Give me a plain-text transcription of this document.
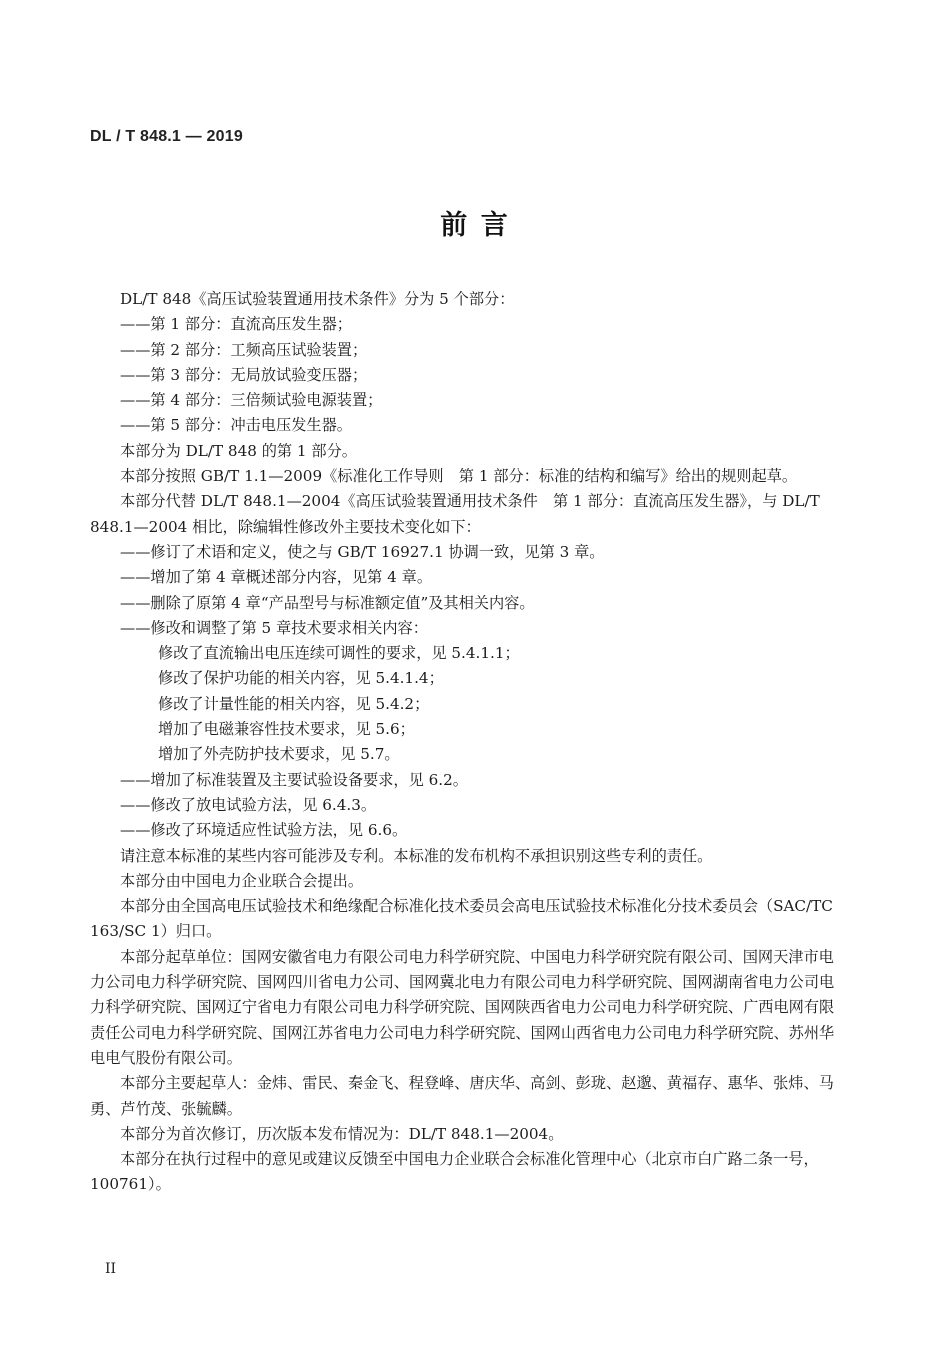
DL / T 848.1 — 2019
前 言

DL/T 848《高压试验装置通用技术条件》分为 5 个部分：

——第 1 部分：直流高压发生器；

——第 2 部分：工频高压试验装置；

——第 3 部分：无局放试验变压器；

——第 4 部分：三倍频试验电源装置；

——第 5 部分：冲击电压发生器。

本部分为 DL/T 848 的第 1 部分。

本部分按照 GB/T 1.1—2009《标准化工作导则　第 1 部分：标准的结构和编写》给出的规则起草。

本部分代替 DL/T 848.1—2004《高压试验装置通用技术条件　第 1 部分：直流高压发生器》，与 DL/T 848.1—2004 相比，除编辑性修改外主要技术变化如下：

——修订了术语和定义，使之与 GB/T 16927.1 协调一致，见第 3 章。

——增加了第 4 章概述部分内容，见第 4 章。

——删除了原第 4 章“产品型号与标准额定值”及其相关内容。

——修改和调整了第 5 章技术要求相关内容：

修改了直流输出电压连续可调性的要求，见 5.4.1.1；

修改了保护功能的相关内容，见 5.4.1.4；

修改了计量性能的相关内容，见 5.4.2；

增加了电磁兼容性技术要求，见 5.6；

增加了外壳防护技术要求，见 5.7。

——增加了标准装置及主要试验设备要求，见 6.2。

——修改了放电试验方法，见 6.4.3。

——修改了环境适应性试验方法，见 6.6。

请注意本标准的某些内容可能涉及专利。本标准的发布机构不承担识别这些专利的责任。

本部分由中国电力企业联合会提出。

本部分由全国高电压试验技术和绝缘配合标准化技术委员会高电压试验技术标准化分技术委员会（SAC/TC 163/SC 1）归口。

本部分起草单位：国网安徽省电力有限公司电力科学研究院、中国电力科学研究院有限公司、国网天津市电力公司电力科学研究院、国网四川省电力公司、国网冀北电力有限公司电力科学研究院、国网湖南省电力公司电力科学研究院、国网辽宁省电力有限公司电力科学研究院、国网陕西省电力公司电力科学研究院、广西电网有限责任公司电力科学研究院、国网江苏省电力公司电力科学研究院、国网山西省电力公司电力科学研究院、苏州华电电气股份有限公司。

本部分主要起草人：金炜、雷民、秦金飞、程登峰、唐庆华、高剑、彭珑、赵邈、黄福存、惠华、张炜、马勇、芦竹茂、张毓麟。

本部分为首次修订，历次版本发布情况为：DL/T 848.1—2004。

本部分在执行过程中的意见或建议反馈至中国电力企业联合会标准化管理中心（北京市白广路二条一号，100761）。

II
